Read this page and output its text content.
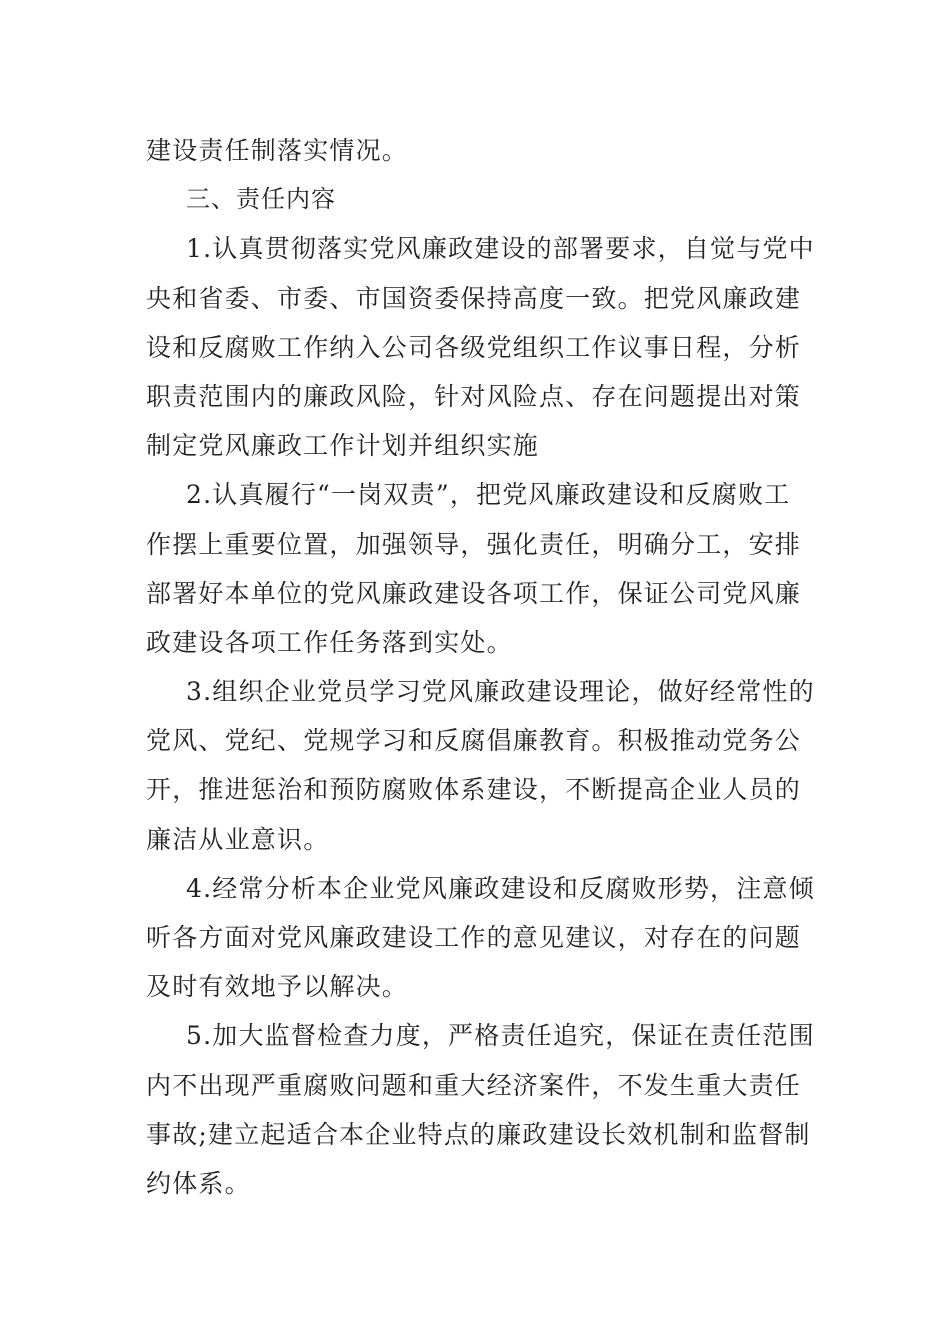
建设责任制落实情况。
三、责任内容
1.认真贯彻落实党风廉政建设的部署要求，自觉与党中
央和省委、市委、市国资委保持高度一致。把党风廉政建
设和反腐败工作纳入公司各级党组织工作议事日程，分析
职责范围内的廉政风险，针对风险点、存在问题提出对策
制定党风廉政工作计划并组织实施
2.认真履行“一岗双责”，把党风廉政建设和反腐败工
作摆上重要位置，加强领导，强化责任，明确分工，安排
部署好本单位的党风廉政建设各项工作，保证公司党风廉
政建设各项工作任务落到实处。
3.组织企业党员学习党风廉政建设理论，做好经常性的
党风、党纪、党规学习和反腐倡廉教育。积极推动党务公
开，推进惩治和预防腐败体系建设，不断提高企业人员的
廉洁从业意识。
4.经常分析本企业党风廉政建设和反腐败形势，注意倾
听各方面对党风廉政建设工作的意见建议，对存在的问题
及时有效地予以解决。
5.加大监督检查力度，严格责任追究，保证在责任范围
内不出现严重腐败问题和重大经济案件，不发生重大责任
事故;建立起适合本企业特点的廉政建设长效机制和监督制
约体系。
